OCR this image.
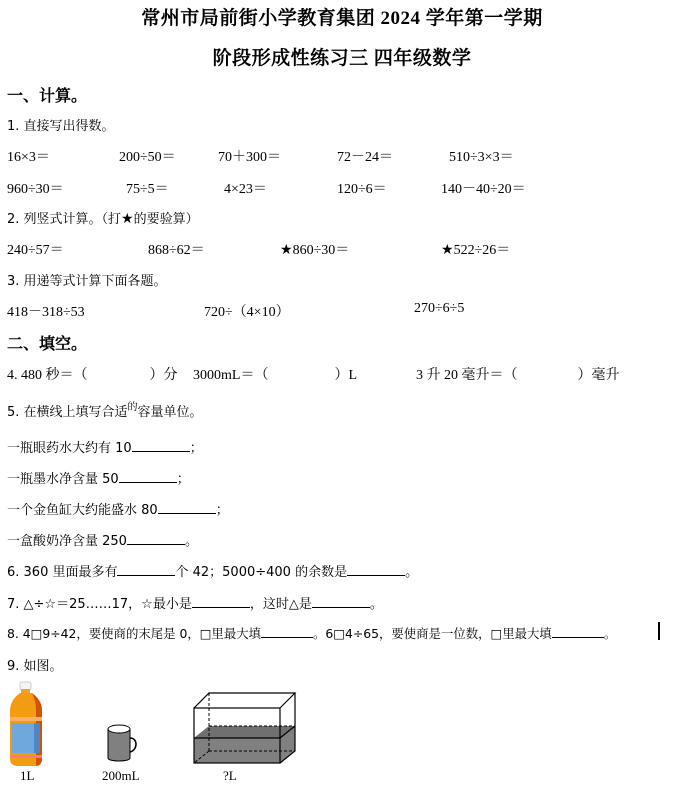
常州市局前街小学教育集团 2024 学年第一学期
阶段形成性练习三 四年级数学
一、计算。
1. 直接写出得数。
16×3＝	200÷50＝	70＋300＝	72－24＝	510÷3×3＝
960÷30＝	75÷5＝	4×23＝	120÷6＝	140－40÷20＝
2. 列竖式计算。（打★的要验算）
240÷57＝	868÷62＝	★860÷30＝	★522÷26＝
3. 用递等式计算下面各题。
418－318÷53	720÷（4×10）	270÷6÷5
二、填空。
4. 480 秒＝（	）分 3000mL＝（	）L	3 升 20 毫升＝（	）毫升
5. 在横线上填写合适$^的$容量单位。
一瓶眼药水大约有 10	；
一瓶墨水净含量 50	；
一个金鱼缸大约能盛水 80	；
一盒酸奶净含量 250	。
6. 360 里面最多有	个 42；5000÷400 的余数是	。
7. △÷☆＝25……17，☆最小是	，这时△是	。
8. 4□9÷42，要使商的末尾是 0，□里最大填	。6□4÷65，要使商是一位数，□里最大填	。
9. 如图。
1L	200mL	?L
